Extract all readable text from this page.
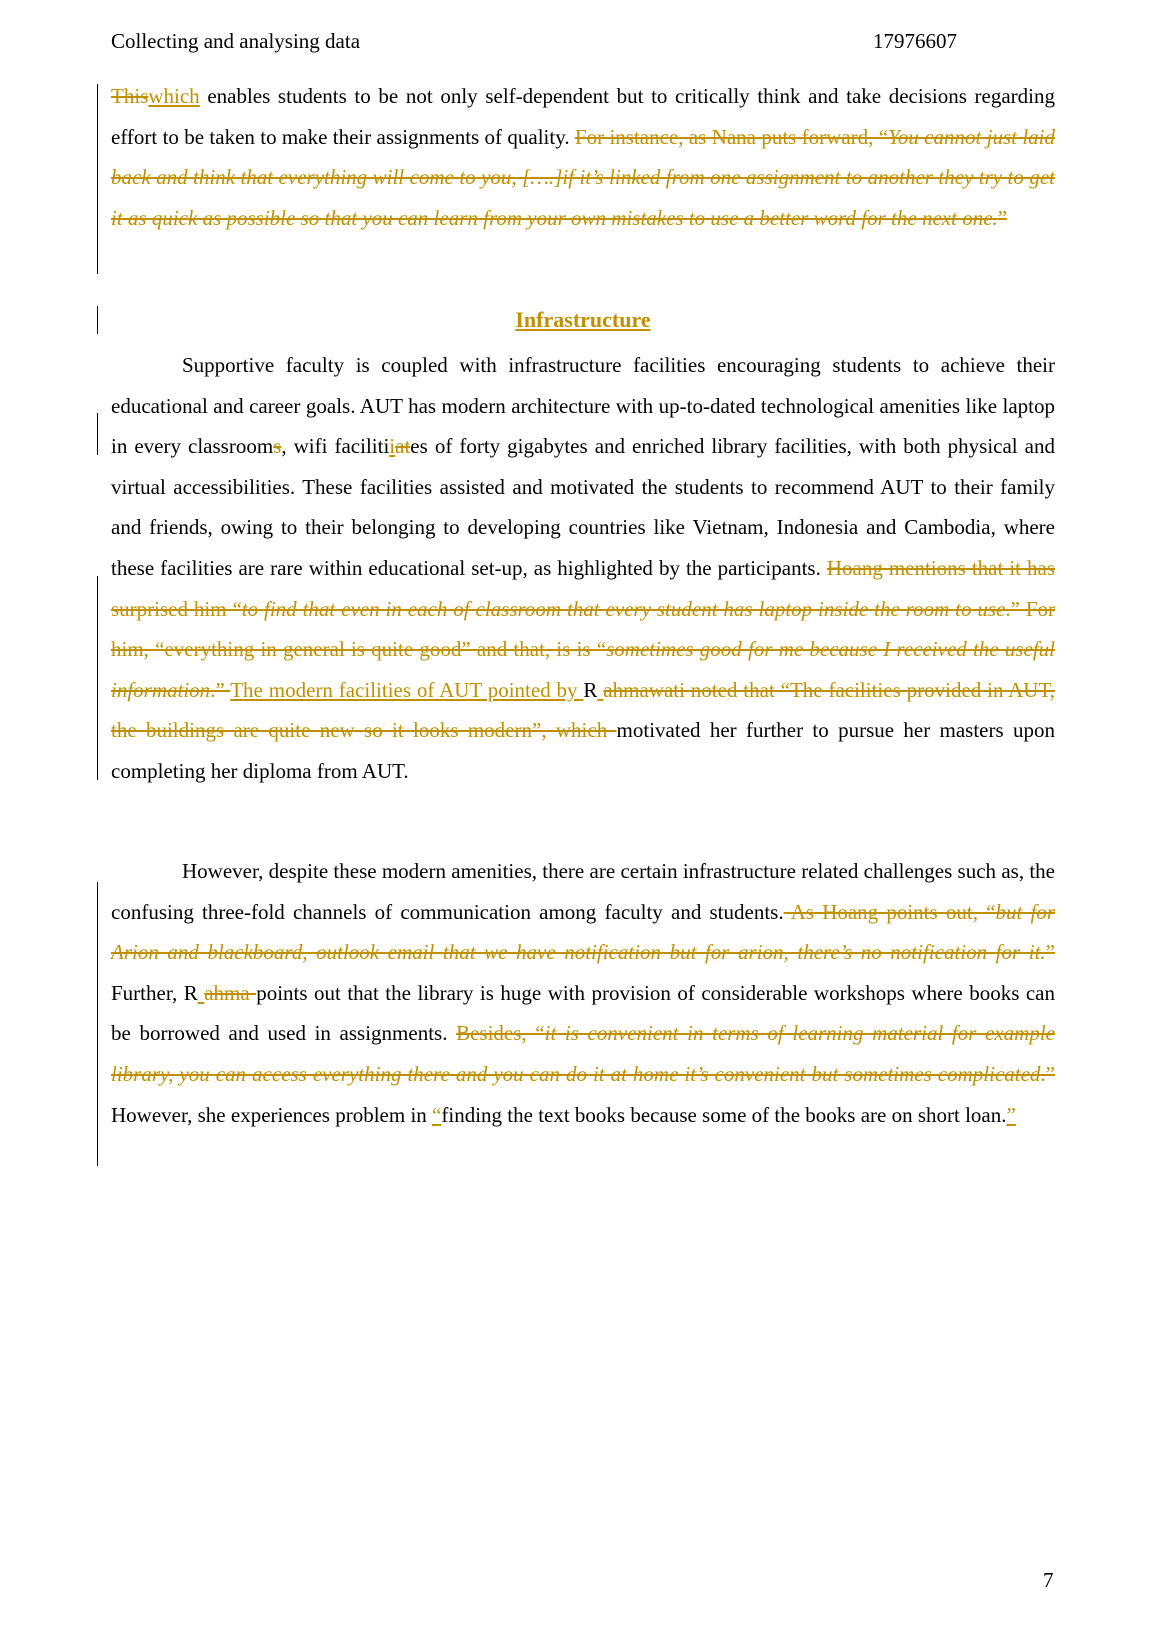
Collecting and analysing data	17976607
Thiswhich enables students to be not only self-dependent but to critically think and take decisions regarding effort to be taken to make their assignments of quality. For instance, as Nana puts forward, “You cannot just laid back and think that everything will come to you, [….]if it’s linked from one assignment to another they try to get it as quick as possible so that you can learn from your own mistakes to use a better word for the next one.”
Infrastructure
Supportive faculty is coupled with infrastructure facilities encouraging students to achieve their educational and career goals. AUT has modern architecture with up-to-dated technological amenities like laptop in every classrooms, wifi facilitiiates of forty gigabytes and enriched library facilities, with both physical and virtual accessibilities. These facilities assisted and motivated the students to recommend AUT to their family and friends, owing to their belonging to developing countries like Vietnam, Indonesia and Cambodia, where these facilities are rare within educational set-up, as highlighted by the participants. Hoang mentions that it has surprised him “to find that even in each of classroom that every student has laptop inside the room to use.” For him, “everything in general is quite good” and that, is is “sometimes good for me because I received the useful information.” The modern facilities of AUT pointed by R ahmawati noted that “The facilities provided in AUT, the buildings are quite new so it looks modern”, which motivated her further to pursue her masters upon completing her diploma from AUT.
However, despite these modern amenities, there are certain infrastructure related challenges such as, the confusing three-fold channels of communication among faculty and students. As Hoang points out, “but for Arion and blackboard, outlook email that we have notification but for arion, there’s no notification for it.” Further, R ahma points out that the library is huge with provision of considerable workshops where books can be borrowed and used in assignments. Besides, “it is convenient in terms of learning material for example library, you can access everything there and you can do it at home it’s convenient but sometimes complicated.” However, she experiences problem in “finding the text books because some of the books are on short loan.”
7
